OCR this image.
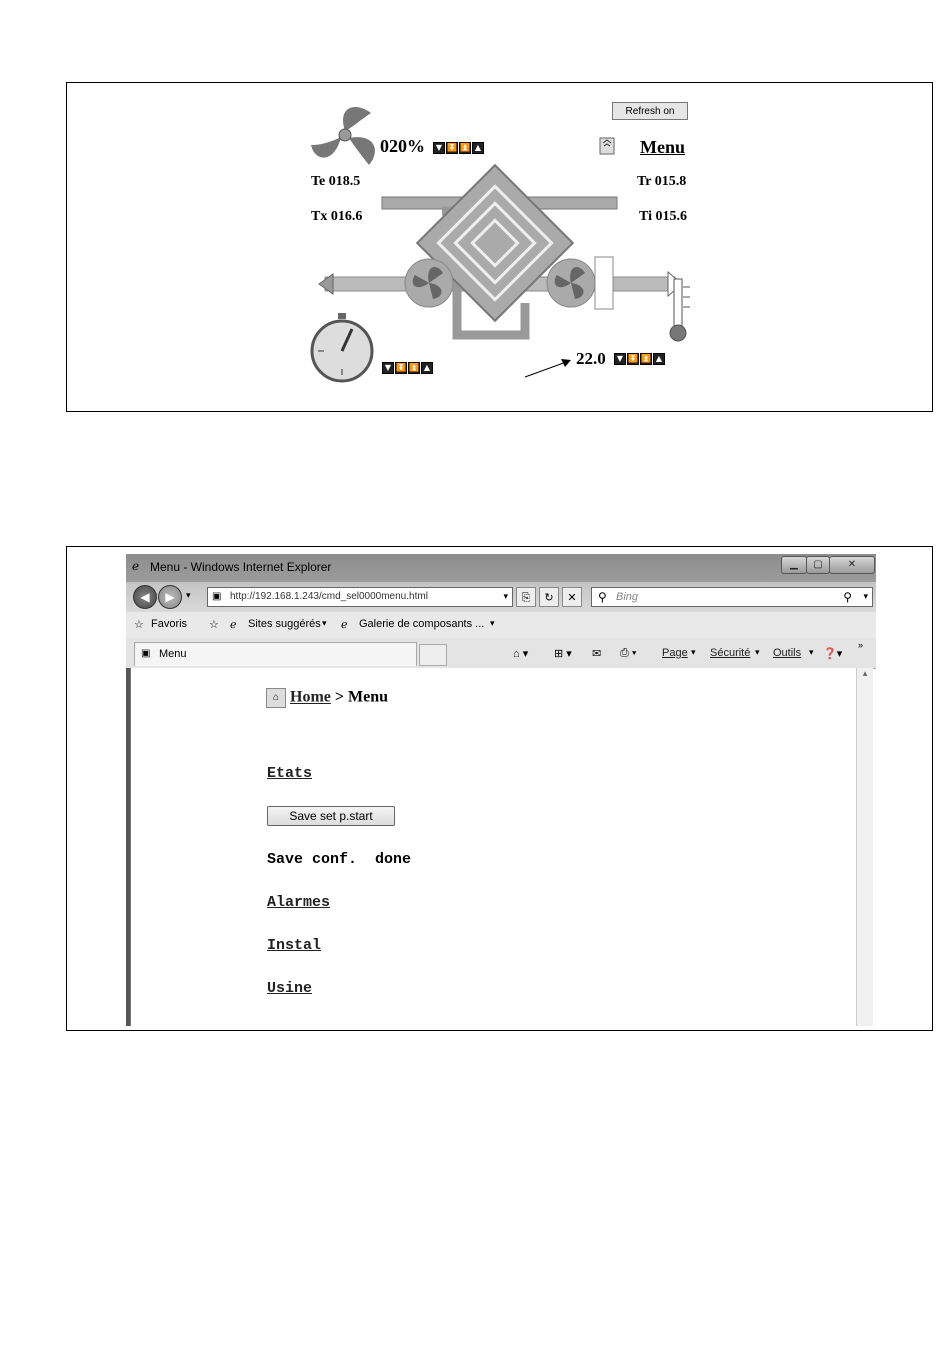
Refresh on
Menu
020%	▼ ⏬ ⏫ ▲
Te 018.5
Tx 016.6
Tr 015.8
Ti 015.6
▼ ⏬ ⏫ ▲	22.0	▼ ⏬ ⏫ ▲
ℯ Menu - Windows Internet Explorer	▁	▢	✕
◀	▶	▾ ▣ http://192.168.1.243/cmd_sel0000menu.html	▾	⎘	↻	✕	⚲ Bing	⚲ ▾
☆ Favoris ☆ ℯ Sites suggérés ▾ ℯ Galerie de composants ... ▾
▣ Menu	⌂ ▾ ⊞ ▾ ✉ ⎙ ▾ Page ▾ Sécurité ▾ Outils ▾ ❓▾
»
⌂ Home > Menu
Etats
Save set p.start
Save conf.  done
Alarmes
Instal
Usine
▴
